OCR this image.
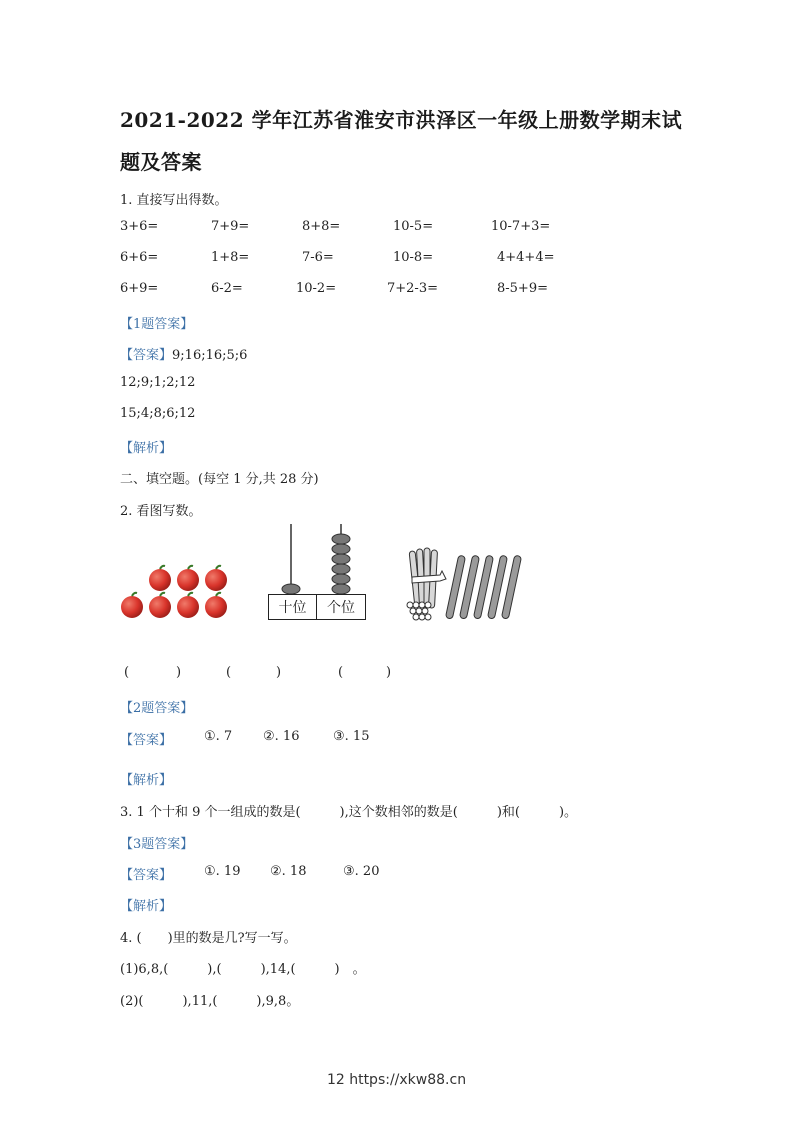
2021-2022 学年江苏省淮安市洪泽区一年级上册数学期末试
题及答案
1. 直接写出得数。
3+6=	7+9=	8+8=	10-5=	10-7+3=
6+6=	1+8=	7-6=	10-8=	4+4+4=
6+9=	6-2=	10-2=	7+2-3=	8-5+9=
【1题答案】
【答案】9;16;16;5;6
12;9;1;2;12
15;4;8;6;12
【解析】
二、填空题。(每空 1 分,共 28 分)
2. 看图写数。
十位	个位
(	)	(	)	(	)
【2题答案】
【答案】 ①. 7 ②. 16	③. 15
【解析】
3. 1 个十和 9 个一组成的数是(　　　),这个数相邻的数是(　　　)和(　　　)。
【3题答案】
【答案】 ①. 19 ②. 18	③. 20
【解析】
4. (　　)里的数是几?写一写。
(1)6,8,(　　　),(　　　),14,(　　　)　。
(2)(　　　),11,(　　　),9,8。
12 https://xkw88.cn
